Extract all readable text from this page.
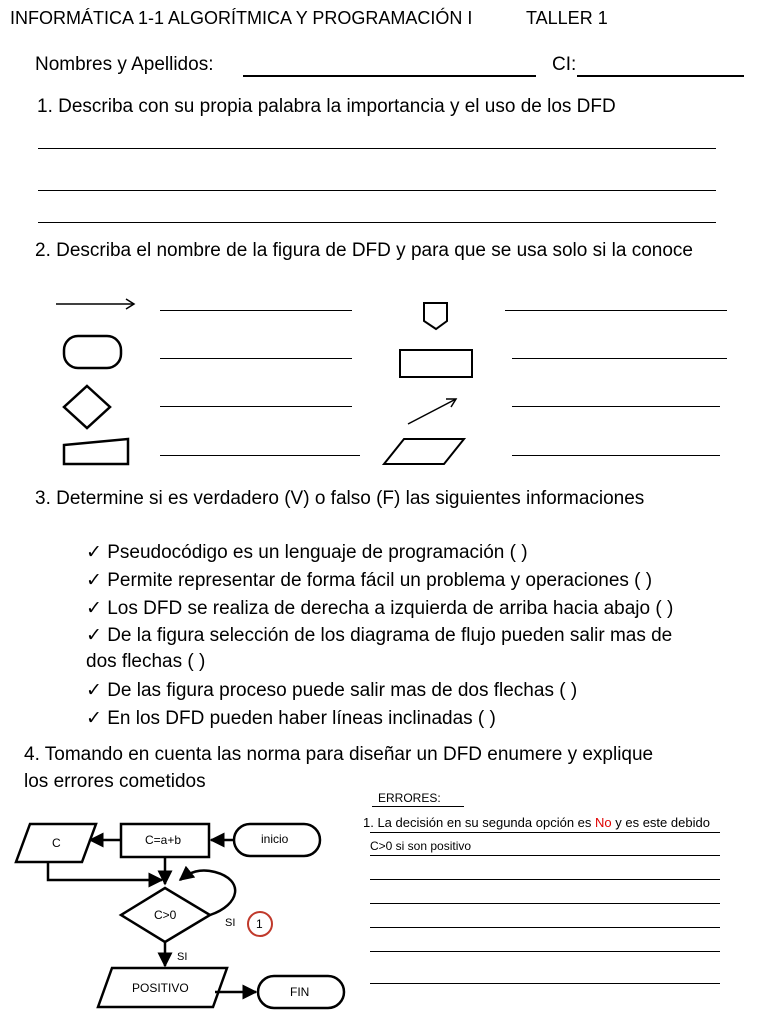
INFORMÁTICA 1-1 ALGORÍTMICA Y PROGRAMACIÓN I	TALLER 1
Nombres y Apellidos:	CI:
1. Describa con su propia palabra la importancia y el uso de los DFD
2. Describa el nombre de la figura de DFD y para que se usa solo si la conoce
3. Determine si es verdadero (V) o falso (F) las siguientes informaciones
✓ Pseudocódigo es un lenguaje de programación ( )
✓ Permite representar de forma fácil un problema y operaciones ( )
✓ Los DFD se realiza de derecha a izquierda de arriba hacia abajo ( )
✓ De la figura selección de los diagrama de flujo pueden salir mas de
dos flechas ( )
✓ De las figura proceso puede salir mas de dos flechas ( )
✓ En los DFD pueden haber líneas inclinadas ( )
4. Tomando en cuenta las norma para diseñar un DFD enumere y explique
los errores cometidos
ERRORES:
1. La decisión en su segunda opción es No y es este debido
C>0 si son positivo
C	C=a+b	inicio
C>0
SI 1
SI
POSITIVO	FIN
